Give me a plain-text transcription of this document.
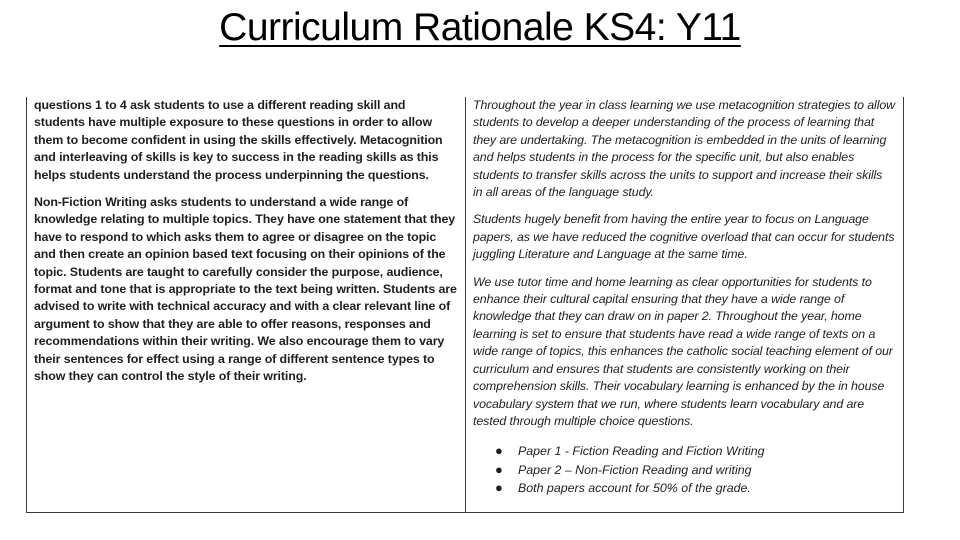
Curriculum Rationale KS4: Y11

questions 1 to 4 ask students to use a different reading skill and students have multiple exposure to these questions in order to allow them to become confident in using the skills effectively. Metacognition and interleaving of skills is key to success in the reading skills as this helps students understand the process underpinning the questions.

Non-Fiction Writing asks students to understand a wide range of knowledge relating to multiple topics. They have one statement that they have to respond to which asks them to agree or disagree on the topic and then create an opinion based text focusing on their opinions of the topic. Students are taught to carefully consider the purpose, audience, format and tone that is appropriate to the text being written. Students are advised to write with technical accuracy and with a clear relevant line of argument to show that they are able to offer reasons, responses and recommendations within their writing. We also encourage them to vary their sentences for effect using a range of different sentence types to show they can control the style of their writing.

Throughout the year in class learning we use metacognition strategies to allow students to develop a deeper understanding of the process of learning that they are undertaking. The metacognition is embedded in the units of learning and helps students in the process for the specific unit, but also enables students to transfer skills across the units to support and increase their skills in all areas of the language study.

Students hugely benefit from having the entire year to focus on Language papers, as we have reduced the cognitive overload that can occur for students juggling Literature and Language at the same time.

We use tutor time and home learning as clear opportunities for students to enhance their cultural capital ensuring that they have a wide range of knowledge that they can draw on in paper 2. Throughout the year, home learning is set to ensure that students have read a wide range of texts on a wide range of topics, this enhances the catholic social teaching element of our curriculum and ensures that students are consistently working on their comprehension skills. Their vocabulary learning is enhanced by the in house vocabulary system that we run, where students learn vocabulary and are tested through multiple choice questions.

● Paper 1 - Fiction Reading and Fiction Writing
● Paper 2 – Non-Fiction Reading and writing
● Both papers account for 50% of the grade.
